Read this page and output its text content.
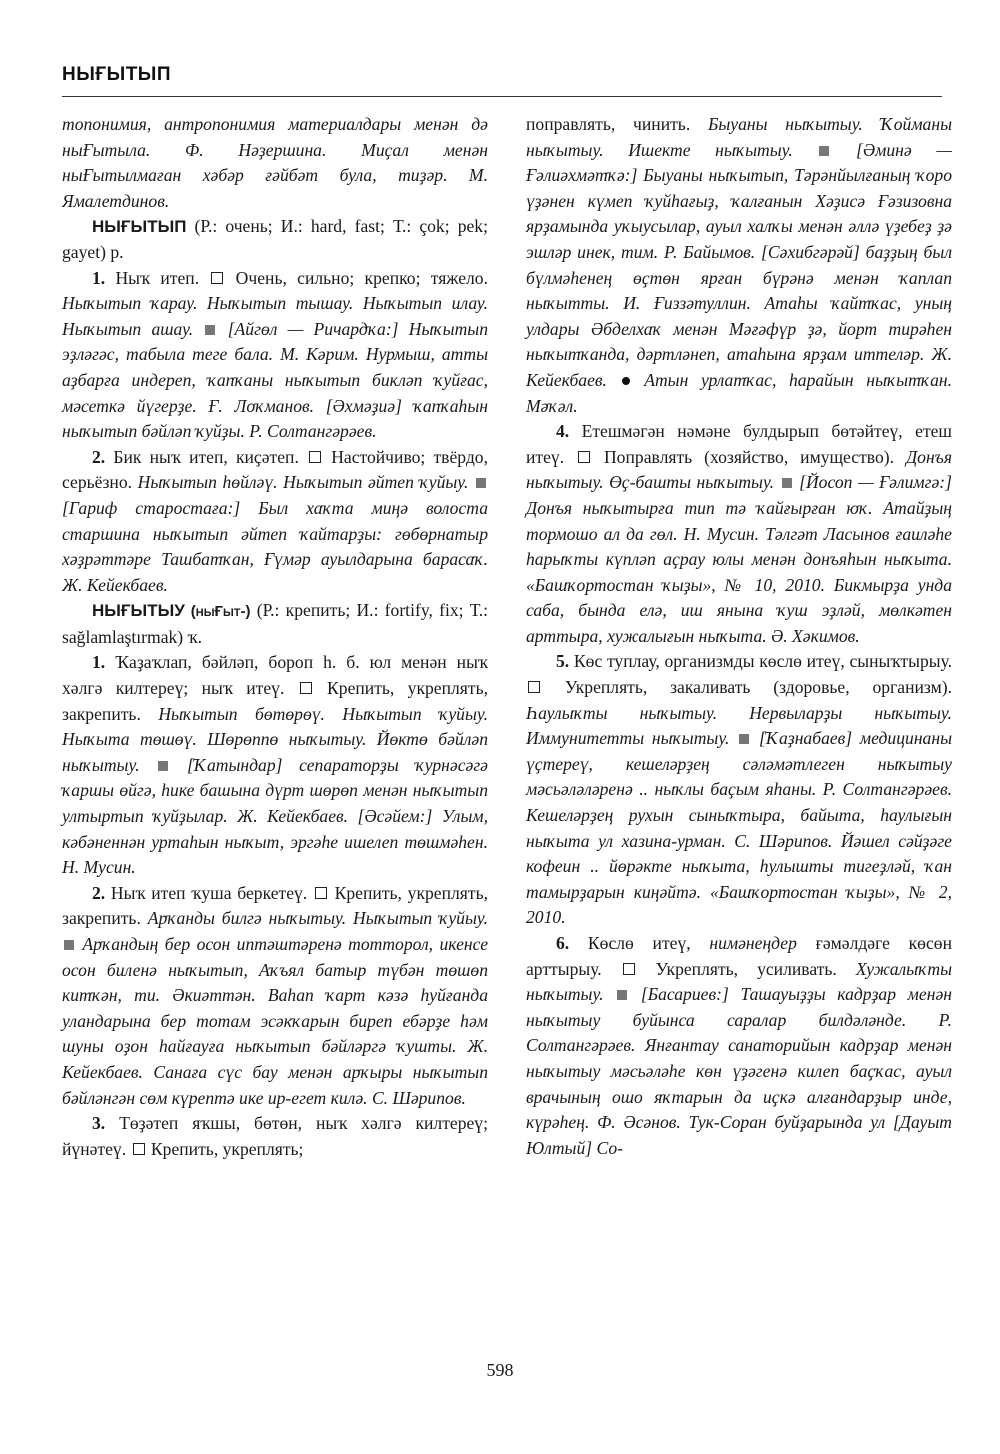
НЫҒЫТЫП

топонимия, антропонимия материалдары менән дә ныҒытыла. Ф. Нәҙершина. Миҫал менән ныҒытылмаған хәбәр ғәйбәт була, тиҙәр. М. Ямалетдинов.

НЫҒЫТЫП (Р.: очень; И.: hard, fast; Т.: çok; pek; gayet) р.

1. Ныҡ итеп.  Очень, сильно; крепко; тяжело. Ныҡытып ҡарау. Ныҡытып тышау. Ныҡытып илау. Ныҡытып ашау.  [Айгөл — Ричардҡа:] Ныҡытып эҙләгәс, табыла теге бала. М. Кәрим. Нурмыш, атты аҙбарға индереп, ҡапҡаны ныҡытып бикләп ҡуйғас, мәсеткә йүгерҙе. Ғ. Лоҡманов. [Әхмәҙиә] ҡапҡаһын ныҡытып бәйләп ҡуйҙы. Р. Солтангәрәев.

2. Бик ныҡ итеп, киҫәтеп.  Настойчиво; твёрдо, серьёзно. Ныҡытып һөйләү. Ныҡытып әйтеп ҡуйыу.  [Гариф старостаға:] Был хаҡта миңә волоста старшина ныҡытып әйтеп ҡайтарҙы: гөбөрнатыр хәҙрәттәре Ташбатҡан, Ғүмәр ауылдарына барасаҡ. Ж. Кейекбаев.

НЫҒЫТЫУ (ныҒыт-) (Р.: крепить; И.: fortify, fix; Т.: sağlamlaştırmak) ҡ.

1. Ҡаҙаҡлап, бәйләп, бороп һ. б. юл менән ныҡ хәлгә килтереү; ныҡ итеү.  Крепить, укреплять, закрепить. Ныҡытып бөтөрөү. Ныҡытып ҡуйыу. Ныҡыта төшөү. Шөрөппө ныҡытыу. Йөктө бәйләп ныҡытыу.  [Ҡатындар] сепараторҙы ҡурнәсәгә ҡаршы өйгә, һике башына дүрт шөрөп менән ныҡытып ултыртып ҡуйҙылар. Ж. Кейекбаев. [Әсәйем:] Улым, кәбәненнән уртаһын ныҡыт, эргәһе ишелеп төшмәһен. Н. Мусин.

2. Ныҡ итеп ҡуша беркетеү.  Крепить, укреплять, закрепить. Арҡанды билгә ныҡытыу. Ныҡытып ҡуйыу.  Арҡандың бер осон иптәштәренә тотторол, икенсе осон биленә ныҡытып, Аҡъял батыр түбән төшөп китҡән, ти. Әкиәттән. Ваһап ҡарт кәзә һуйғанда уландарына бер тотам эсәкҡарын биреп ебәрҙе һәм шуны оҙон һайғауға ныҡытып бәйләргә ҡушты. Ж. Кейекбаев. Санаға сүс бау менән арҡыры ныҡытып бәйләнгән сөм күрептә ике ир-егет килә. С. Шәрипов.

3. Төҙәтеп яҡшы, бөтөн, ныҡ хәлгә килтереү; йүнәтеү.  Крепить, укреплять;

поправлять, чинить. Быуаны ныҡытыу. Ҡойманы ныҡытыу. Ишекте ныҡытыу.  [Әминә — Ғәлиәхмәтҡә:] Быуаны ныҡытып, Тәрәнйылғаның ҡоро үҙәнен күмеп ҡуйһағыҙ, ҡалғанын Хәҙисә Ғәзизовна ярҙамында уҡыусылар, ауыл халҡы менән әллә үҙебеҙ ҙә эшләр инек, тим. Р. Байымов. [Сәхибгәрәй] баҙҙың был бүлмәһенең өҫтөн ярған бүрәнә менән ҡаплап ныҡытты. И. Ғиззәтуллин. Атаһы ҡайтҡас, уның улдары Әбделхаҡ менән Мәғәфүр ҙә, йорт тирәһен ныҡытҡанда, дәртләнеп, атаһына ярҙам иттеләр. Ж. Кейекбаев.  Атын урлатҡас, һарайын ныҡытҡан. Мәҡәл.

4. Етешмәгән нәмәне булдырып бөтәйтеү, етеш итеү.  Поправлять (хозяйство, имущество). Донъя ныҡытыу. Өҫ-башты ныҡытыу.  [Йосоп — Ғәлимгә:] Донъя ныҡытырға тип тә ҡайғырған юҡ. Атайҙың тормошо ал да гөл. Н. Мусин. Тәлгәт Ласынов ғаиләһе һарыҡты күпләп аҫрау юлы менән донъяһын ныҡыта. «Башҡортостан ҡыҙы», № 10, 2010. Бикмырҙа унда саба, бында елә, иш янына ҡуш эҙләй, мөлкәтен арттыра, хужалығын ныҡыта. Ә. Хәкимов.

5. Көс туплау, организмды көслө итеү, сыныҡтырыу.  Укреплять, закаливать (здоровье, организм). Һаулыҡты ныҡытыу. Нервыларҙы ныҡытыу. Иммунитетты ныҡытыу.  [Ҡаҙнабаев] медицинаны үҫтереү, кешеләрҙең сәләмәтлеген ныҡытыу мәсьәләләренә .. ныҡлы баҫым яһаны. Р. Солтангәрәев. Кешеләрҙең рухын сыныҡтыра, байыта, һаулығын ныҡыта ул хазина-урман. С. Шәрипов. Йәшел сәйҙәге кофеин .. йөрәкте ныҡыта, һулышты тигеҙләй, ҡан тамырҙарын киңәйтә. «Башҡортостан ҡыҙы», № 2, 2010.

6. Көслө итеү, нимәнеңдер ғәмәлдәге көсөн арттырыу.  Укреплять, усиливать. Хужалыҡты ныҡытыу.  [Басариев:] Ташауыҙҙы кадрҙар менән ныҡытыу буйынса саралар билдәләнде. Р. Солтангәрәев. Янғантау санаторийын кадрҙар менән ныҡытыу мәсьәләһе көн үҙәгенә килеп баҫҡас, ауыл врачының ошо яҡтарын да иҫкә алғандарҙыр инде, күрәһең. Ф. Әсәнов. Тук-Соран буйҙарында ул [Дауыт Юлтый] Со-

598
